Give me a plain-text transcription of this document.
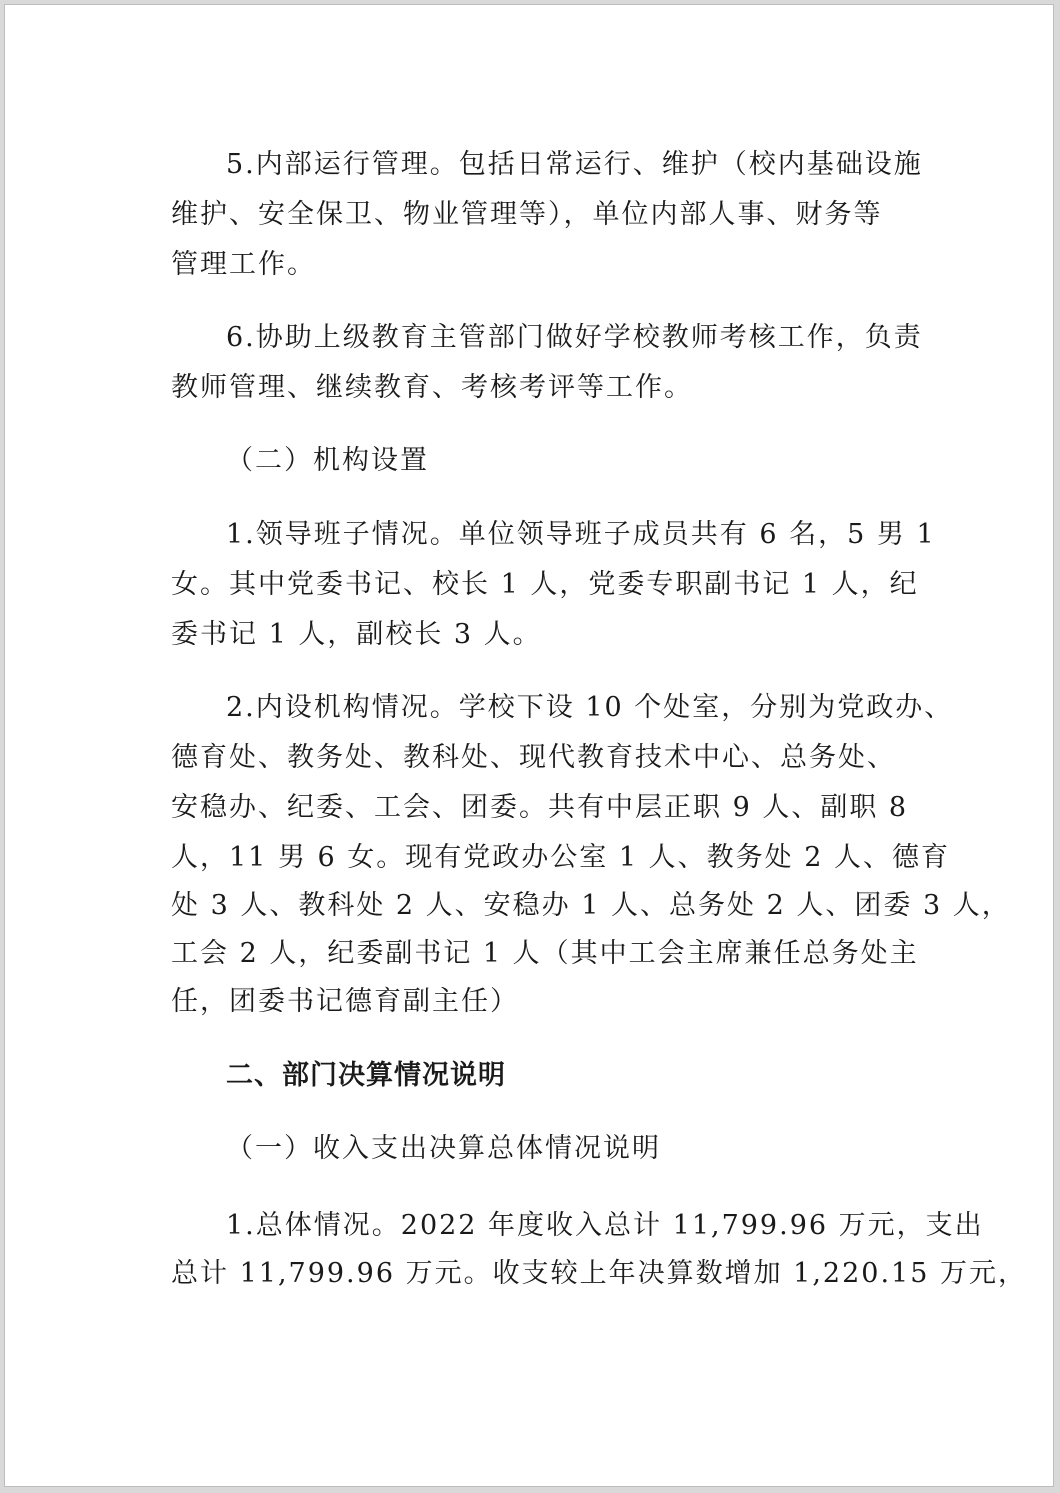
5.内部运行管理。包括日常运行、维护（校内基础设施

维护、安全保卫、物业管理等），单位内部人事、财务等

管理工作。

6.协助上级教育主管部门做好学校教师考核工作，负责

教师管理、继续教育、考核考评等工作。

（二）机构设置

1.领导班子情况。单位领导班子成员共有 6 名，5 男 1

女。其中党委书记、校长 1 人，党委专职副书记 1 人，纪

委书记 1 人，副校长 3 人。

2.内设机构情况。学校下设 10 个处室，分别为党政办、

德育处、教务处、教科处、现代教育技术中心、总务处、

安稳办、纪委、工会、团委。共有中层正职 9 人、副职 8

人，11 男 6 女。现有党政办公室 1 人、教务处 2 人、德育

处 3 人、教科处 2 人、安稳办 1 人、总务处 2 人、团委 3 人，

工会 2 人，纪委副书记 1 人（其中工会主席兼任总务处主

任，团委书记德育副主任）

二、部门决算情况说明

（一）收入支出决算总体情况说明

1.总体情况。2022 年度收入总计 11,799.96 万元，支出

总计 11,799.96 万元。收支较上年决算数增加 1,220.15 万元，
